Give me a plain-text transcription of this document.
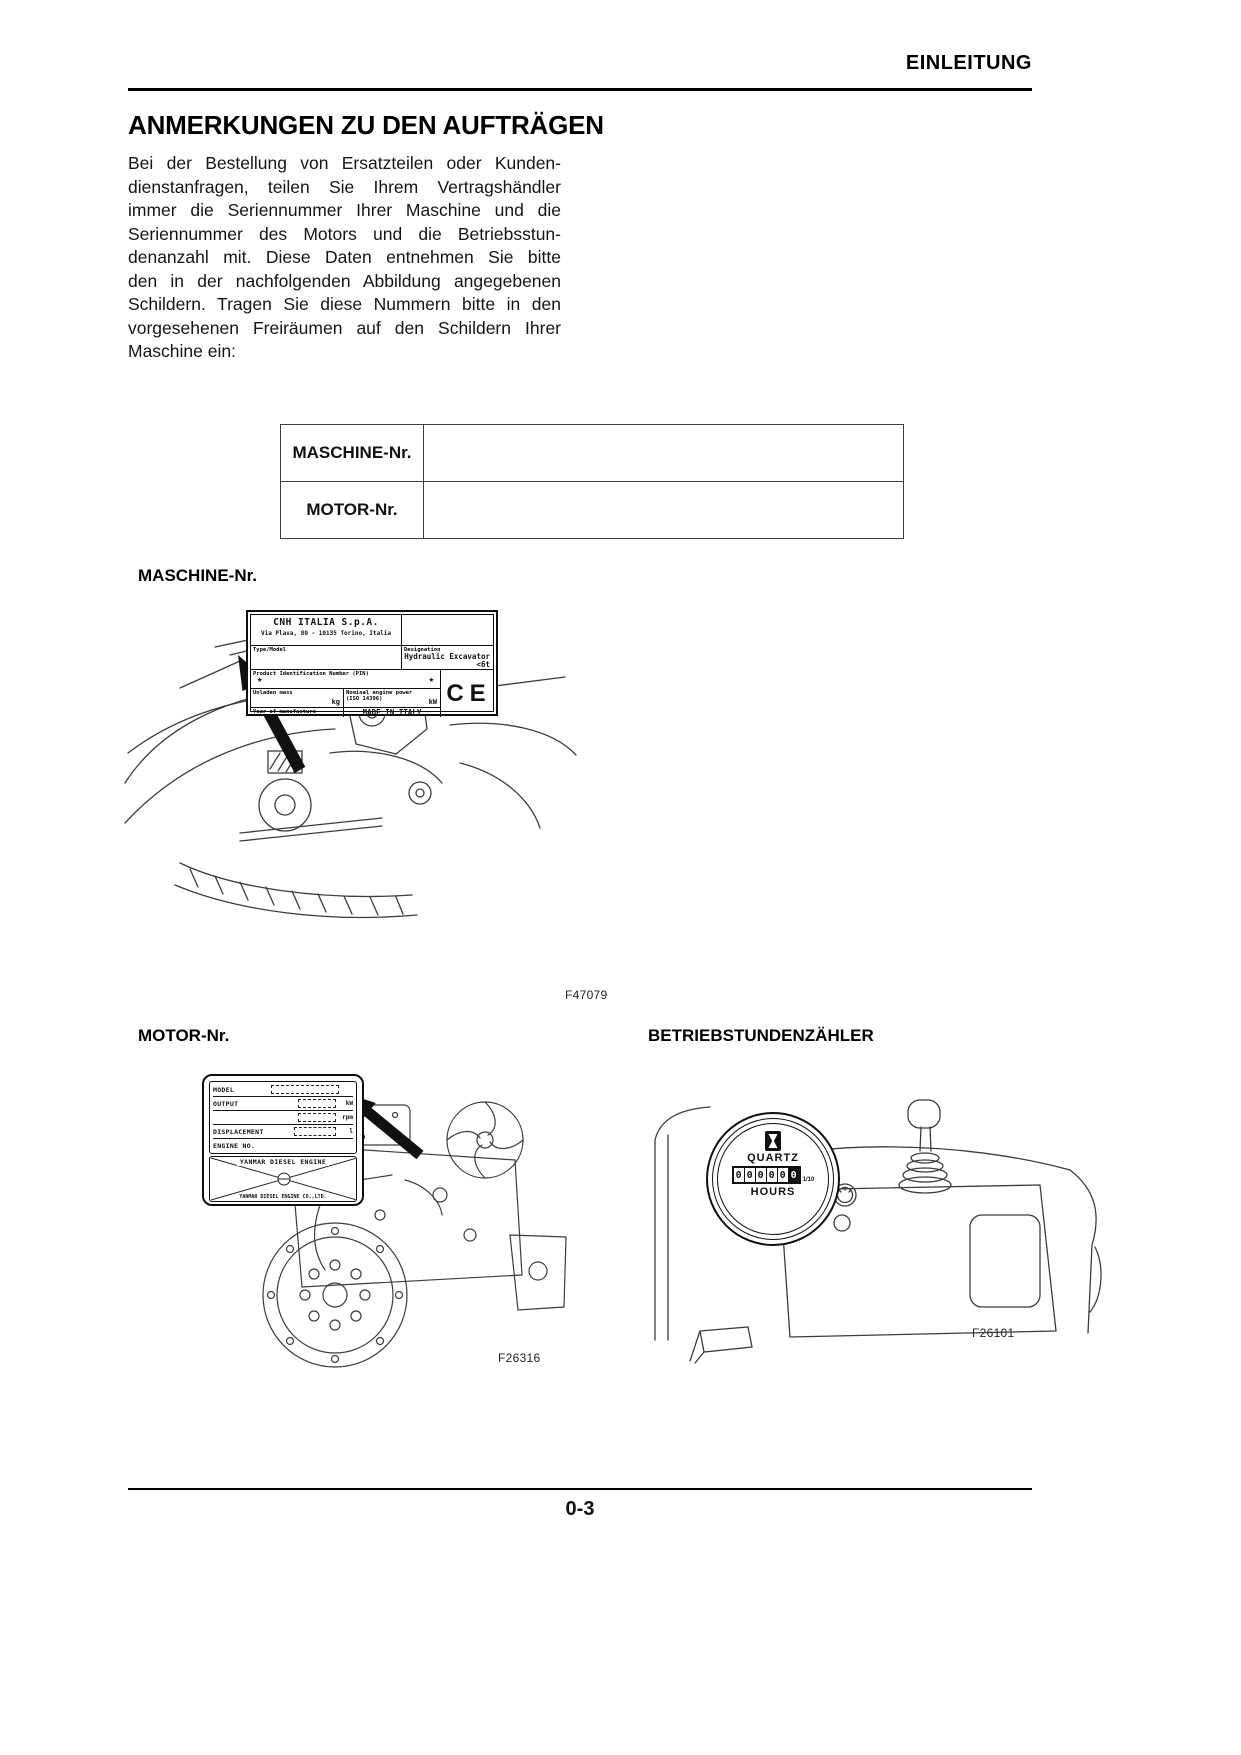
EINLEITUNG
ANMERKUNGEN ZU DEN AUFTRÄGEN
Bei der Bestellung von Ersatzteilen oder Kunden-
dienstanfragen, teilen Sie Ihrem Vertragshändler
immer die Seriennummer Ihrer Maschine und die
Seriennummer des Motors und die Betriebsstun-
denanzahl mit. Diese Daten entnehmen Sie bitte
den in der nachfolgenden Abbildung angegebenen
Schildern. Tragen Sie diese Nummern bitte in den
vorgesehenen Freiräumen auf den Schildern Ihrer
Maschine ein:
MASCHINE-Nr.
MOTOR-Nr.
MASCHINE-Nr.
CNH ITALIA S.p.A.
Via Plava, 80 - 10135 Torino, Italia
Type/Model	Designation
Hydraulic Excavator <6t
Product Identification Number (PIN)
★	★
Unladen mass
kg
Nominal engine power
(ISO 14396)	kW
Year of manufacture	MADE IN ITALY
CE
F47079
MOTOR-Nr.	BETRIEBSTUNDENZÄHLER
MODEL
OUTPUT	kW
rpm
DISPLACEMENT	l
ENGINE NO.
YANMAR DIESEL ENGINE
YANMAR DIESEL ENGINE CO.,LTD.
F26316
QUARTZ
0 0 0 0 0 0 1/10
HOURS
F26101
0-3
